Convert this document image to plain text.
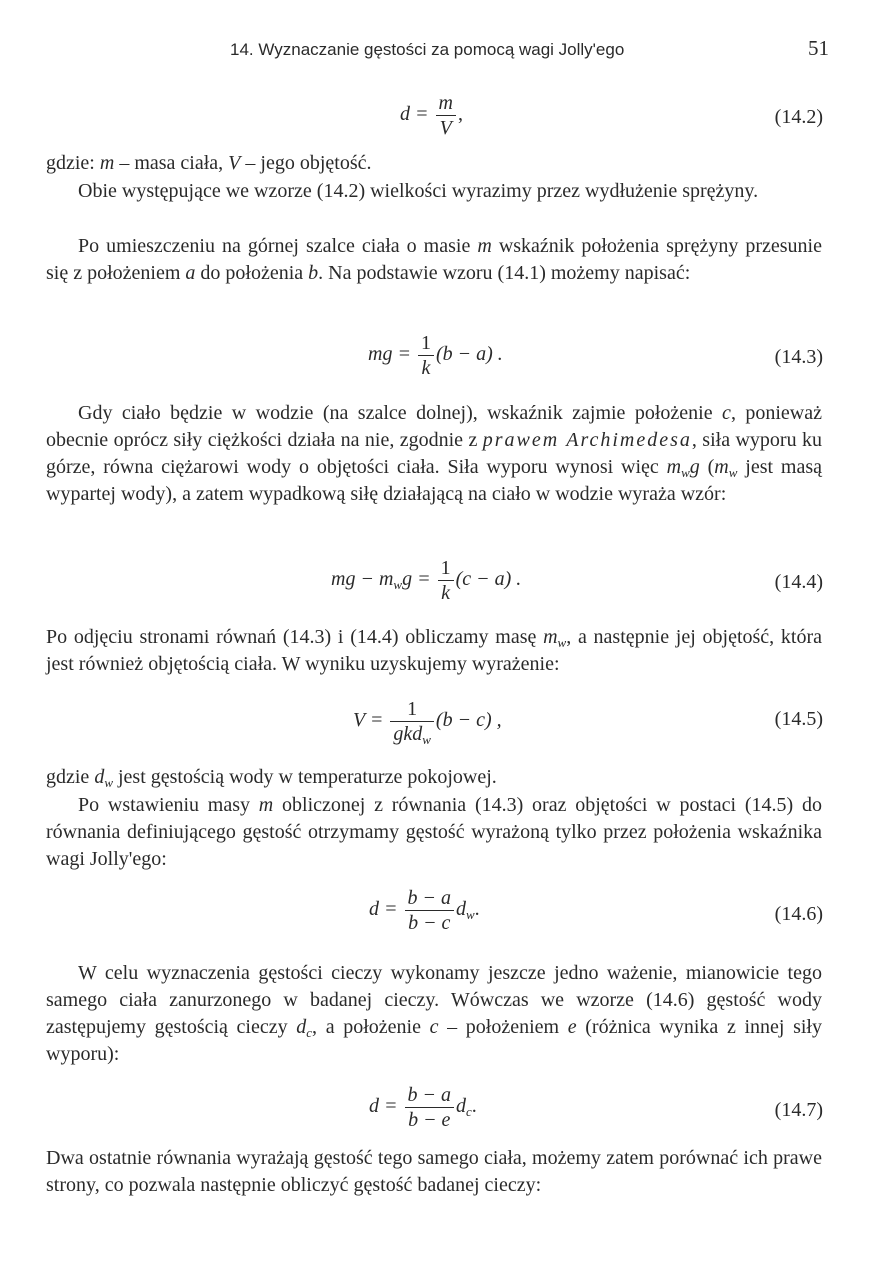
14. Wyznaczanie gęstości za pomocą wagi Jolly'ego	51
$d = \frac{m}{V}$ ,	(14.2)

gdzie: m – masa ciała, V – jego objętość.

Obie występujące we wzorze (14.2) wielkości wyrazimy przez wydłużenie sprężyny.

Po umieszczeniu na górnej szalce ciała o masie m wskaźnik położenia sprężyny przesunie się z położeniem a do położenia b. Na podstawie wzoru (14.1) możemy napisać:

mg = $\frac{1}{k} (b - a)$ .	(14.3)

Gdy ciało będzie w wodzie (na szalce dolnej), wskaźnik zajmie położenie c, ponieważ obecnie oprócz siły ciężkości działa na nie, zgodnie z prawem Archimedesa, siła wyporu ku górze, równa ciężarowi wody o objętości ciała. Siła wyporu wynosi więc $m_wg$ ($m_w$ jest masą wypartej wody), a zatem wypadkową siłę działającą na ciało w wodzie wyraża wzór:

mg − $m_wg = \frac{1}{k} (c - a)$ .	(14.4)

Po odjęciu stronami równań (14.3) i (14.4) obliczamy masę $m_w$, a następnie jej objętość, która jest również objętością ciała. W wyniku uzyskujemy wyrażenie:

$V = \frac{1}{gkd_w} (b - c)$ ,	(14.5)

gdzie $d_w$ jest gęstością wody w temperaturze pokojowej.

Po wstawieniu masy m obliczonej z równania (14.3) oraz objętości w postaci (14.5) do równania definiującego gęstość otrzymamy gęstość wyrażoną tylko przez położenia wskaźnika wagi Jolly'ego:

$d = \frac{b - a}{b - c} d_w$.	(14.6)

W celu wyznaczenia gęstości cieczy wykonamy jeszcze jedno ważenie, mianowicie tego samego ciała zanurzonego w badanej cieczy. Wówczas we wzorze (14.6) gęstość wody zastępujemy gęstością cieczy $d_c$, a położenie c – położeniem e (różnica wynika z innej siły wyporu):

$d = \frac{b - a}{b - e} d_c$.	(14.7)

Dwa ostatnie równania wyrażają gęstość tego samego ciała, możemy zatem porównać ich prawe strony, co pozwala następnie obliczyć gęstość badanej cieczy:
